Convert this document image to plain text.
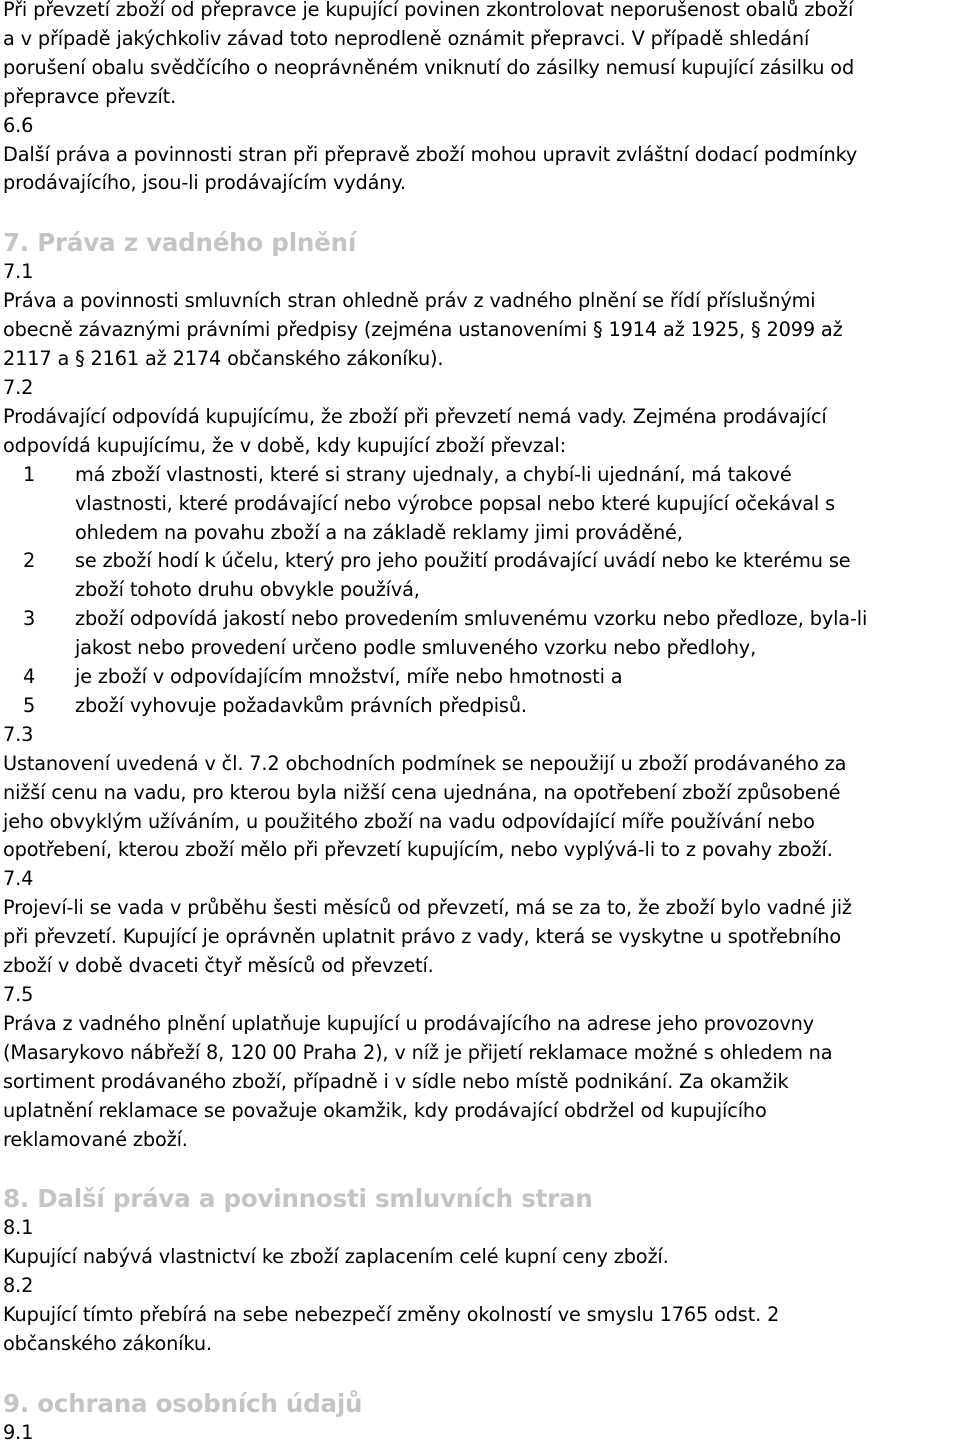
Při převzetí zboží od přepravce je kupující povinen zkontrolovat neporušenost obalů zboží

a v případě jakýchkoliv závad toto neprodleně oznámit přepravci. V případě shledání

porušení obalu svědčícího o neoprávněném vniknutí do zásilky nemusí kupující zásilku od

přepravce převzít.

6.6

Další práva a povinnosti stran při přepravě zboží mohou upravit zvláštní dodací podmínky

prodávajícího, jsou-li prodávajícím vydány.

7. Práva z vadného plnění

7.1

Práva a povinnosti smluvních stran ohledně práv z vadného plnění se řídí příslušnými

obecně závaznými právními předpisy (zejména ustanoveními § 1914 až 1925, § 2099 až

2117 a § 2161 až 2174 občanského zákoníku).

7.2

Prodávající odpovídá kupujícímu, že zboží při převzetí nemá vady. Zejména prodávající

odpovídá kupujícímu, že v době, kdy kupující zboží převzal:

1	má zboží vlastnosti, které si strany ujednaly, a chybí-li ujednání, má takové
vlastnosti, které prodávající nebo výrobce popsal nebo které kupující očekával s
ohledem na povahu zboží a na základě reklamy jimi prováděné,
2	se zboží hodí k účelu, který pro jeho použití prodávající uvádí nebo ke kterému se
zboží tohoto druhu obvykle používá,
3	zboží odpovídá jakostí nebo provedením smluvenému vzorku nebo předloze, byla-li
jakost nebo provedení určeno podle smluveného vzorku nebo předlohy,
4	je zboží v odpovídajícím množství, míře nebo hmotnosti a
5	zboží vyhovuje požadavkům právních předpisů.

7.3

Ustanovení uvedená v čl. 7.2 obchodních podmínek se nepoužijí u zboží prodávaného za

nižší cenu na vadu, pro kterou byla nižší cena ujednána, na opotřebení zboží způsobené

jeho obvyklým užíváním, u použitého zboží na vadu odpovídající míře používání nebo

opotřebení, kterou zboží mělo při převzetí kupujícím, nebo vyplývá-li to z povahy zboží.

7.4

Projeví-li se vada v průběhu šesti měsíců od převzetí, má se za to, že zboží bylo vadné již

při převzetí. Kupující je oprávněn uplatnit právo z vady, která se vyskytne u spotřebního

zboží v době dvaceti čtyř měsíců od převzetí.

7.5

Práva z vadného plnění uplatňuje kupující u prodávajícího na adrese jeho provozovny

(Masarykovo nábřeží 8, 120 00 Praha 2), v níž je přijetí reklamace možné s ohledem na

sortiment prodávaného zboží, případně i v sídle nebo místě podnikání. Za okamžik

uplatnění reklamace se považuje okamžik, kdy prodávající obdržel od kupujícího

reklamované zboží.

8. Další práva a povinnosti smluvních stran

8.1

Kupující nabývá vlastnictví ke zboží zaplacením celé kupní ceny zboží.

8.2

Kupující tímto přebírá na sebe nebezpečí změny okolností ve smyslu 1765 odst. 2

občanského zákoníku.

9. ochrana osobních údajů

9.1
